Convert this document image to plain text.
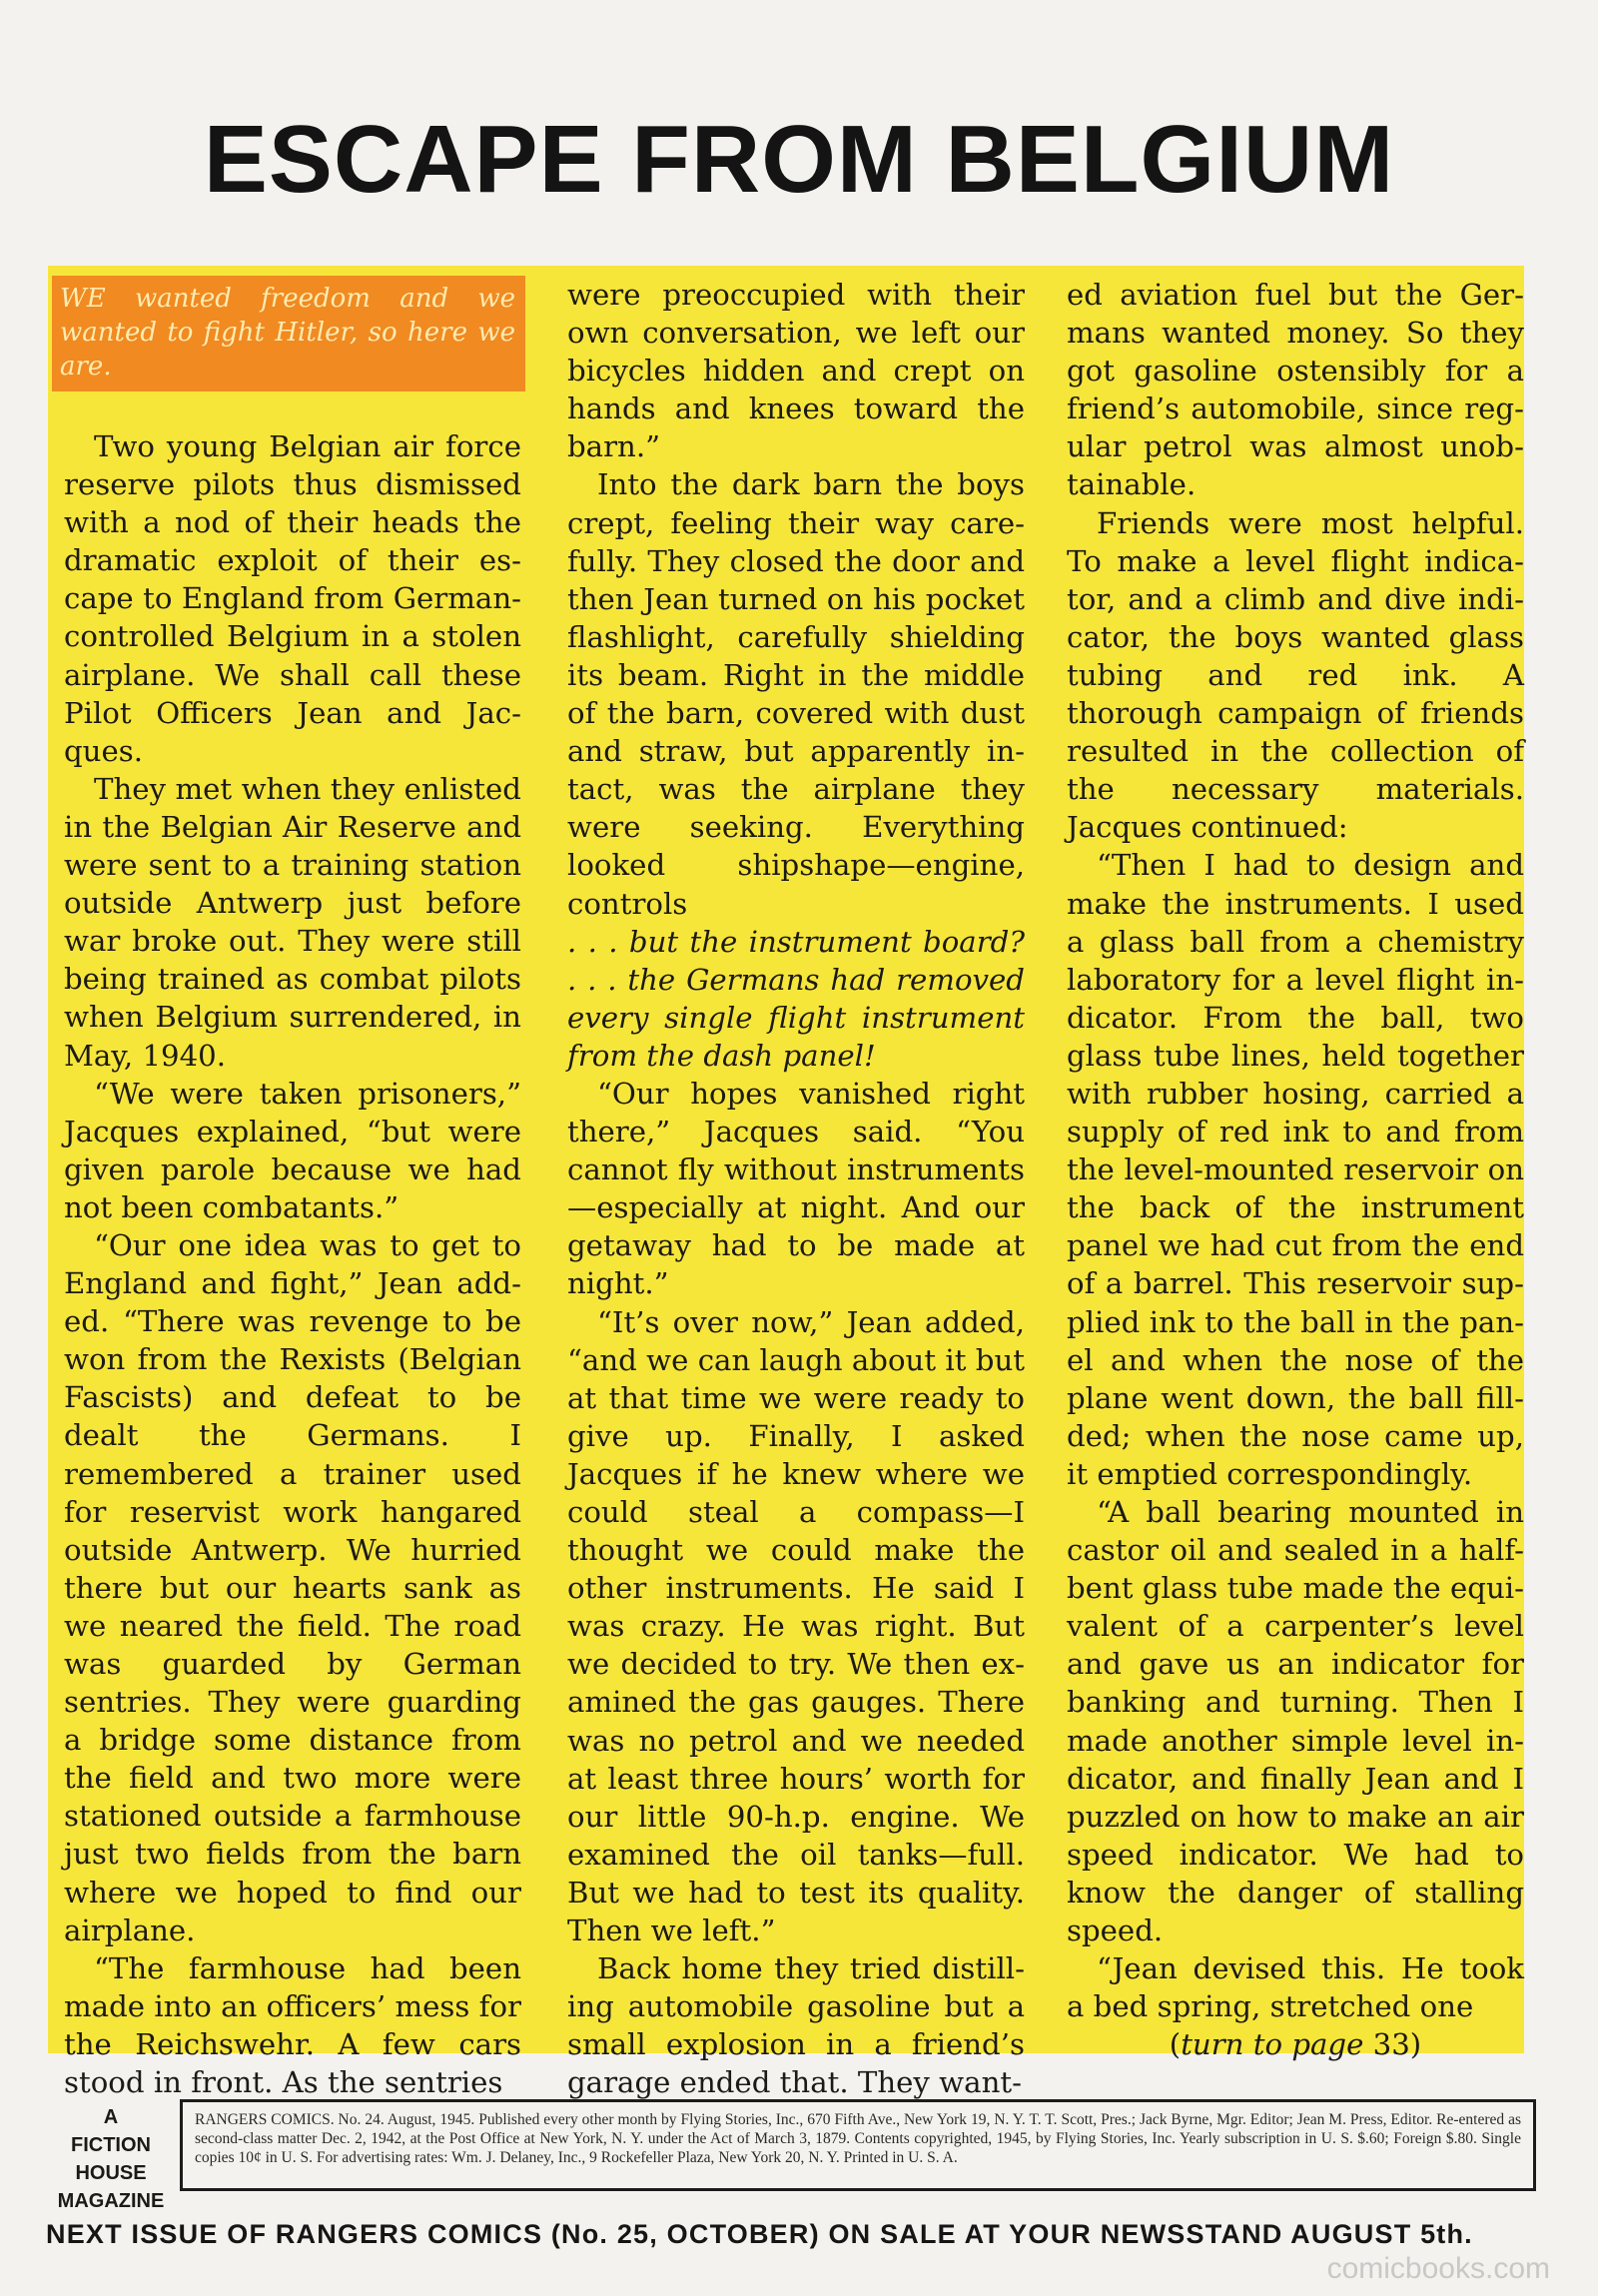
ESCAPE FROM BELGIUM
WE wanted freedom and we wanted to fight Hitler, so here we are.

Two young Belgian air force reserve pilots thus dismissed with a nod of their heads the dramatic exploit of their escape to England from German-controlled Belgium in a stolen airplane. We shall call these Pilot Officers Jean and Jacques.

They met when they enlisted in the Belgian Air Reserve and were sent to a training station outside Antwerp just before war broke out. They were still being trained as combat pilots when Belgium surrendered, in May, 1940.

“We were taken prisoners,” Jacques explained, “but were given parole because we had not been combatants.”

“Our one idea was to get to England and fight,” Jean added. “There was revenge to be won from the Rexists (Belgian Fascists) and defeat to be dealt the Germans. I remembered a trainer used for reservist work hangared outside Antwerp. We hurried there but our hearts sank as we neared the field. The road was guarded by German sentries. They were guarding a bridge some distance from the field and two more were stationed outside a farmhouse just two fields from the barn where we hoped to find our airplane.

“The farmhouse had been made into an officers’ mess for the Reichswehr. A few cars stood in front. As the sentries

were preoccupied with their own conversation, we left our bicycles hidden and crept on hands and knees toward the barn.”

Into the dark barn the boys crept, feeling their way carefully. They closed the door and then Jean turned on his pocket flashlight, carefully shielding its beam. Right in the middle of the barn, covered with dust and straw, but apparently intact, was the airplane they were seeking. Everything looked shipshape—engine, controls

. . . but the instrument board? . . . the Germans had removed every single flight instrument from the dash panel!

“Our hopes vanished right there,” Jacques said. “You cannot fly without instruments —especially at night. And our getaway had to be made at night.”

“It’s over now,” Jean added, “and we can laugh about it but at that time we were ready to give up. Finally, I asked Jacques if he knew where we could steal a compass—I thought we could make the other instruments. He said I was crazy. He was right. But we decided to try. We then examined the gas gauges. There was no petrol and we needed at least three hours’ worth for our little 90-h.p. engine. We examined the oil tanks—full. But we had to test its quality. Then we left.”

Back home they tried distilling automobile gasoline but a small explosion in a friend’s garage ended that. They want-

ed aviation fuel but the Germans wanted money. So they got gasoline ostensibly for a friend’s automobile, since regular petrol was almost unobtainable.

Friends were most helpful. To make a level flight indicator, and a climb and dive indicator, the boys wanted glass tubing and red ink. A thorough campaign of friends resulted in the collection of the necessary materials. Jacques continued:

“Then I had to design and make the instruments. I used a glass ball from a chemistry laboratory for a level flight indicator. From the ball, two glass tube lines, held together with rubber hosing, carried a supply of red ink to and from the level-mounted reservoir on the back of the instrument panel we had cut from the end of a barrel. This reservoir supplied ink to the ball in the panel and when the nose of the plane went down, the ball fillded; when the nose came up, it emptied correspondingly.

“A ball bearing mounted in castor oil and sealed in a half-bent glass tube made the equivalent of a carpenter’s level and gave us an indicator for banking and turning. Then I made another simple level indicator, and finally Jean and I puzzled on how to make an air speed indicator. We had to know the danger of stalling speed.

“Jean devised this. He took a bed spring, stretched one

(turn to page 33)

A
FICTION
HOUSE
MAGAZINE
RANGERS COMICS. No. 24. August, 1945. Published every other month by Flying Stories, Inc., 670 Fifth Ave., New York 19, N. Y. T. T. Scott, Pres.; Jack Byrne, Mgr. Editor; Jean M. Press, Editor. Re-entered as second-class matter Dec. 2, 1942, at the Post Office at New York, N. Y. under the Act of March 3, 1879. Contents copyrighted, 1945, by Flying Stories, Inc. Yearly subscription in U. S. $.60; Foreign $.80. Single copies 10¢ in U. S. For advertising rates: Wm. J. Delaney, Inc., 9 Rockefeller Plaza, New York 20, N. Y. Printed in U. S. A.
NEXT ISSUE OF RANGERS COMICS (No. 25, OCTOBER) ON SALE AT YOUR NEWSSTAND AUGUST 5th.
comicbooks.com
